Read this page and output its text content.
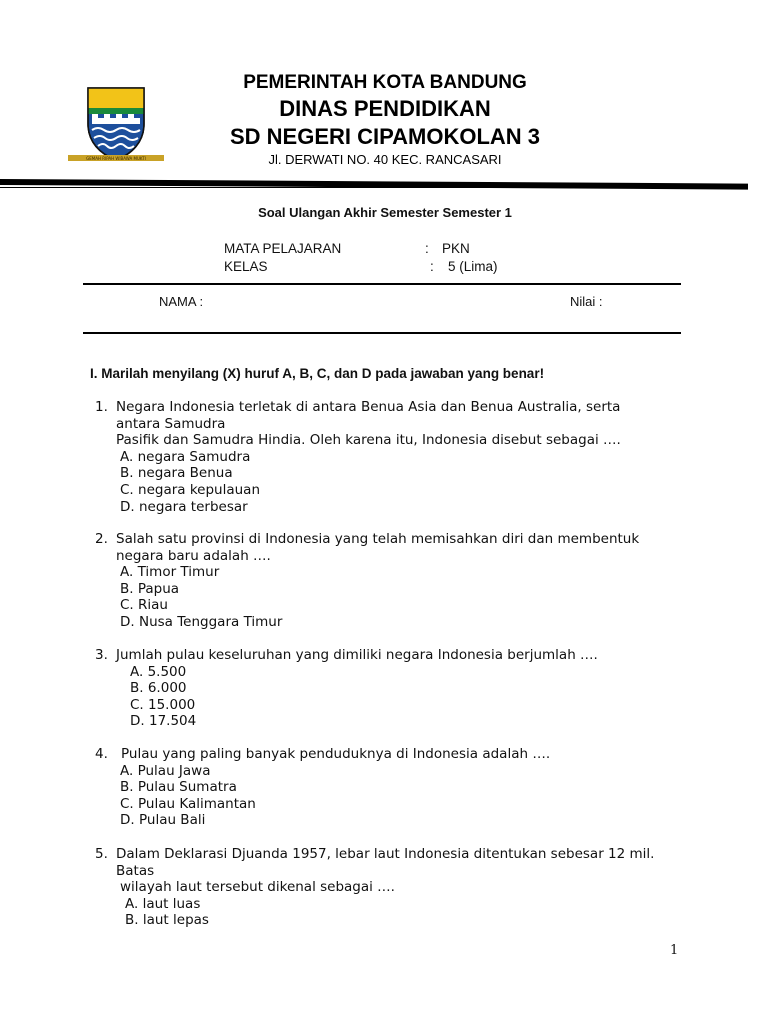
GEMAH RIPAH WIBAWA MUKTI
PEMERINTAH KOTA BANDUNG
DINAS PENDIDIKAN
SD NEGERI CIPAMOKOLAN 3
Jl. DERWATI NO. 40 KEC. RANCASARI
Soal Ulangan Akhir Semester Semester 1
MATA PELAJARAN	: PKN
KELAS	: 5 (Lima)
NAMA :	Nilai :
I. Marilah menyilang (X) huruf A, B, C, dan D pada jawaban yang benar!
1. Negara Indonesia terletak di antara Benua Asia dan Benua Australia, serta
antara Samudra
Pasifik dan Samudra Hindia. Oleh karena itu, Indonesia disebut sebagai ….
A. negara Samudra
B. negara Benua
C. negara kepulauan
D. negara terbesar
2. Salah satu provinsi di Indonesia yang telah memisahkan diri dan membentuk
negara baru adalah ….
A. Timor Timur
B. Papua
C. Riau
D. Nusa Tenggara Timur
3. Jumlah pulau keseluruhan yang dimiliki negara Indonesia berjumlah ….
A. 5.500
B. 6.000
C. 15.000
D. 17.504
4. Pulau yang paling banyak penduduknya di Indonesia adalah ….
A. Pulau Jawa
B. Pulau Sumatra
C. Pulau Kalimantan
D. Pulau Bali
5. Dalam Deklarasi Djuanda 1957, lebar laut Indonesia ditentukan sebesar 12 mil.
Batas
wilayah laut tersebut dikenal sebagai ….
A. laut luas
B. laut lepas
1
